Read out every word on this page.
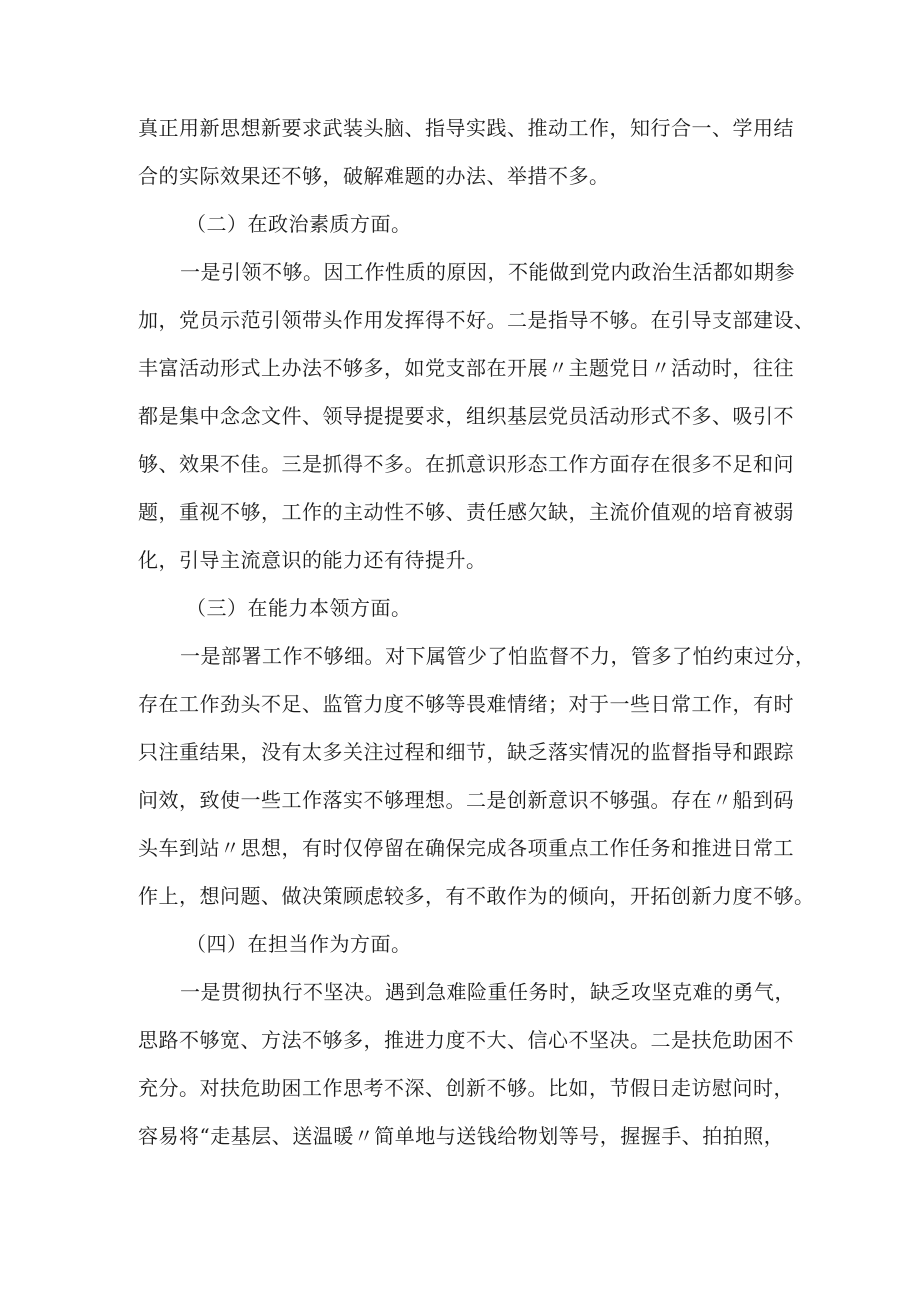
真正用新思想新要求武装头脑、指导实践、推动工作，知行合一、学用结
合的实际效果还不够，破解难题的办法、举措不多。
（二）在政治素质方面。
一是引领不够。因工作性质的原因，不能做到党内政治生活都如期参
加，党员示范引领带头作用发挥得不好。二是指导不够。在引导支部建设、
丰富活动形式上办法不够多，如党支部在开展〃主题党日〃活动时，往往
都是集中念念文件、领导提提要求，组织基层党员活动形式不多、吸引不
够、效果不佳。三是抓得不多。在抓意识形态工作方面存在很多不足和问
题，重视不够，工作的主动性不够、责任感欠缺，主流价值观的培育被弱
化，引导主流意识的能力还有待提升。
（三）在能力本领方面。
一是部署工作不够细。对下属管少了怕监督不力，管多了怕约束过分，
存在工作劲头不足、监管力度不够等畏难情绪；对于一些日常工作，有时
只注重结果，没有太多关注过程和细节，缺乏落实情况的监督指导和跟踪
问效，致使一些工作落实不够理想。二是创新意识不够强。存在〃船到码
头车到站〃思想，有时仅停留在确保完成各项重点工作任务和推进日常工
作上，想问题、做决策顾虑较多，有不敢作为的倾向，开拓创新力度不够。
（四）在担当作为方面。
一是贯彻执行不坚决。遇到急难险重任务时，缺乏攻坚克难的勇气，
思路不够宽、方法不够多，推进力度不大、信心不坚决。二是扶危助困不
充分。对扶危助困工作思考不深、创新不够。比如，节假日走访慰问时，
容易将“走基层、送温暖〃简单地与送钱给物划等号，握握手、拍拍照，
